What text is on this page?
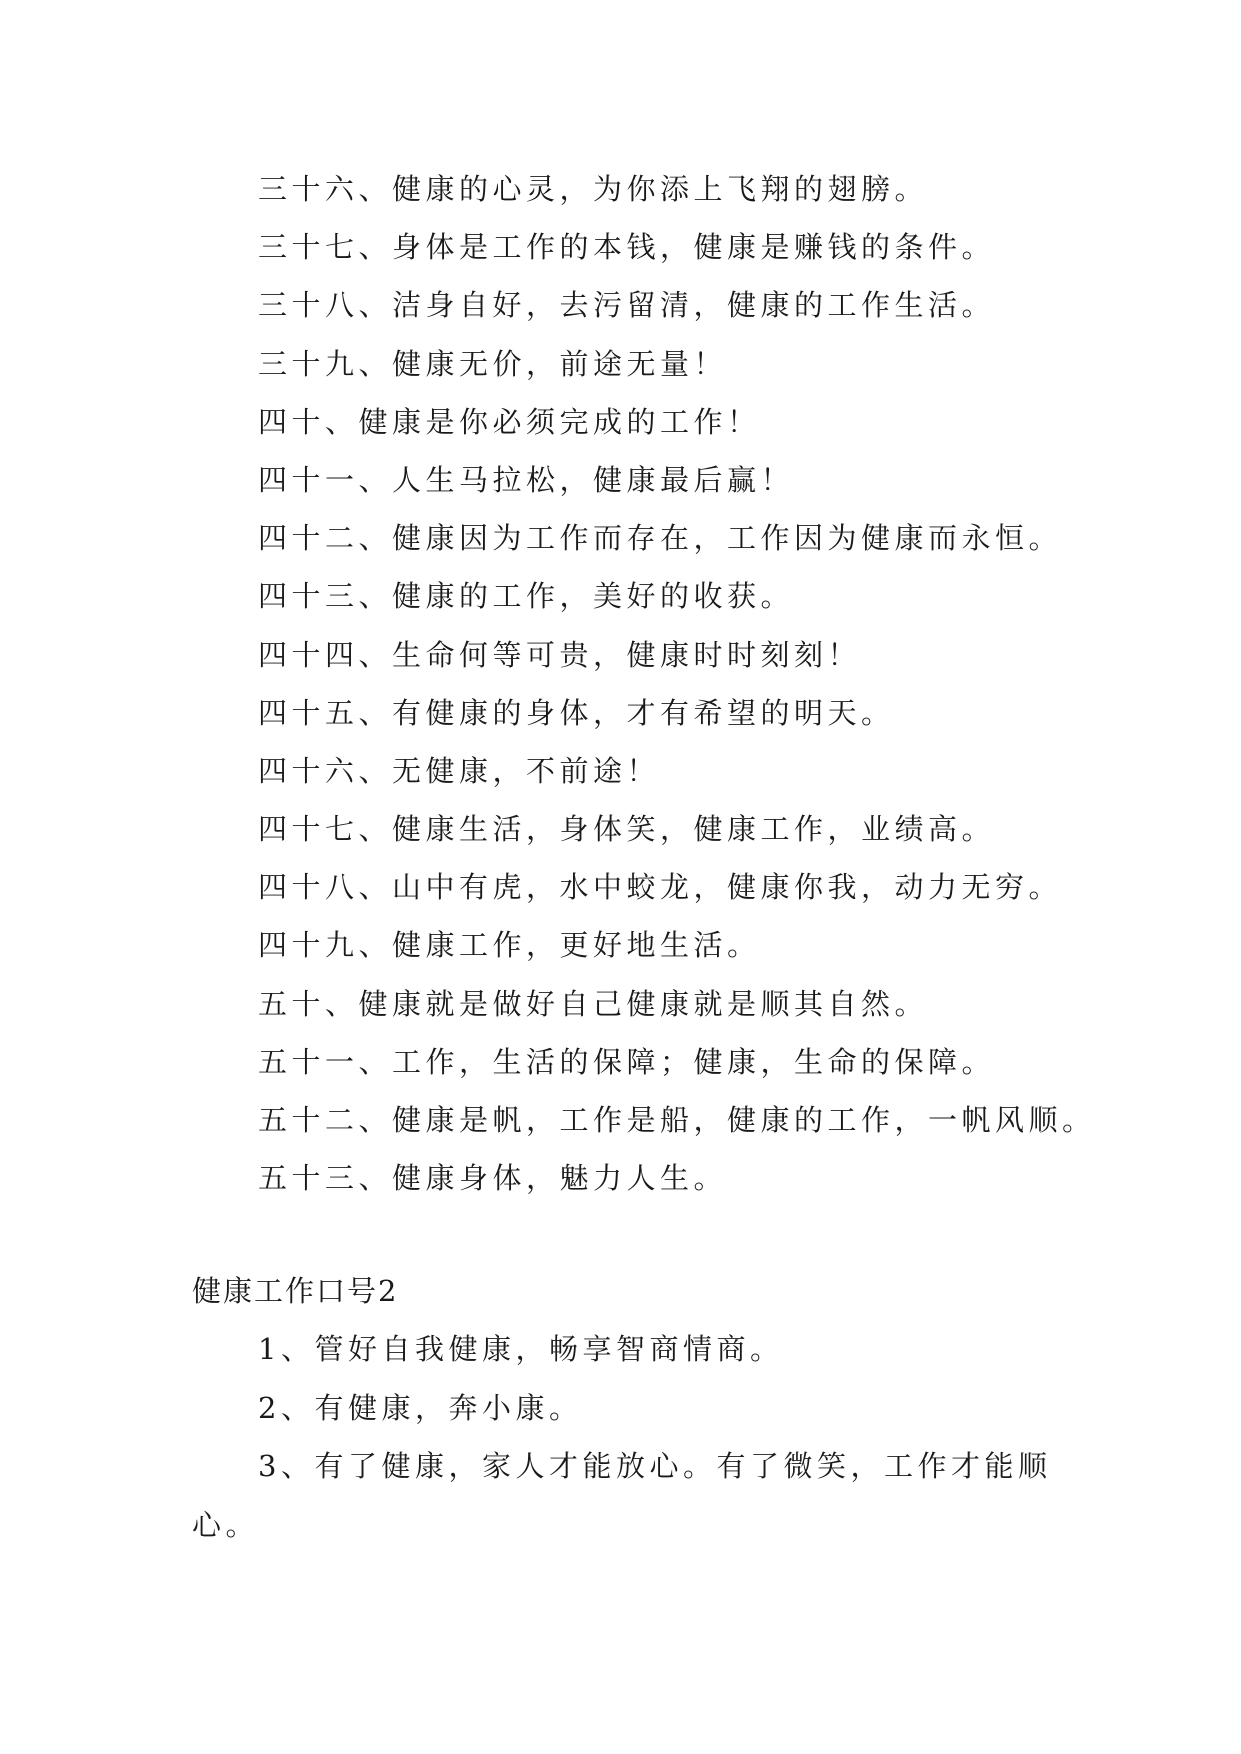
三十六、健康的心灵，为你添上飞翔的翅膀。
三十七、身体是工作的本钱，健康是赚钱的条件。
三十八、洁身自好，去污留清，健康的工作生活。
三十九、健康无价，前途无量！
四十、健康是你必须完成的工作！
四十一、人生马拉松，健康最后赢！
四十二、健康因为工作而存在，工作因为健康而永恒。
四十三、健康的工作，美好的收获。
四十四、生命何等可贵，健康时时刻刻！
四十五、有健康的身体，才有希望的明天。
四十六、无健康，不前途！
四十七、健康生活，身体笑，健康工作，业绩高。
四十八、山中有虎，水中蛟龙，健康你我，动力无穷。
四十九、健康工作，更好地生活。
五十、健康就是做好自己健康就是顺其自然。
五十一、工作，生活的保障；健康，生命的保障。
五十二、健康是帆，工作是船，健康的工作，一帆风顺。
五十三、健康身体，魅力人生。
健康工作口号2
1、管好自我健康，畅享智商情商。
2、有健康，奔小康。
3、有了健康，家人才能放心。有了微笑，工作才能顺心。
